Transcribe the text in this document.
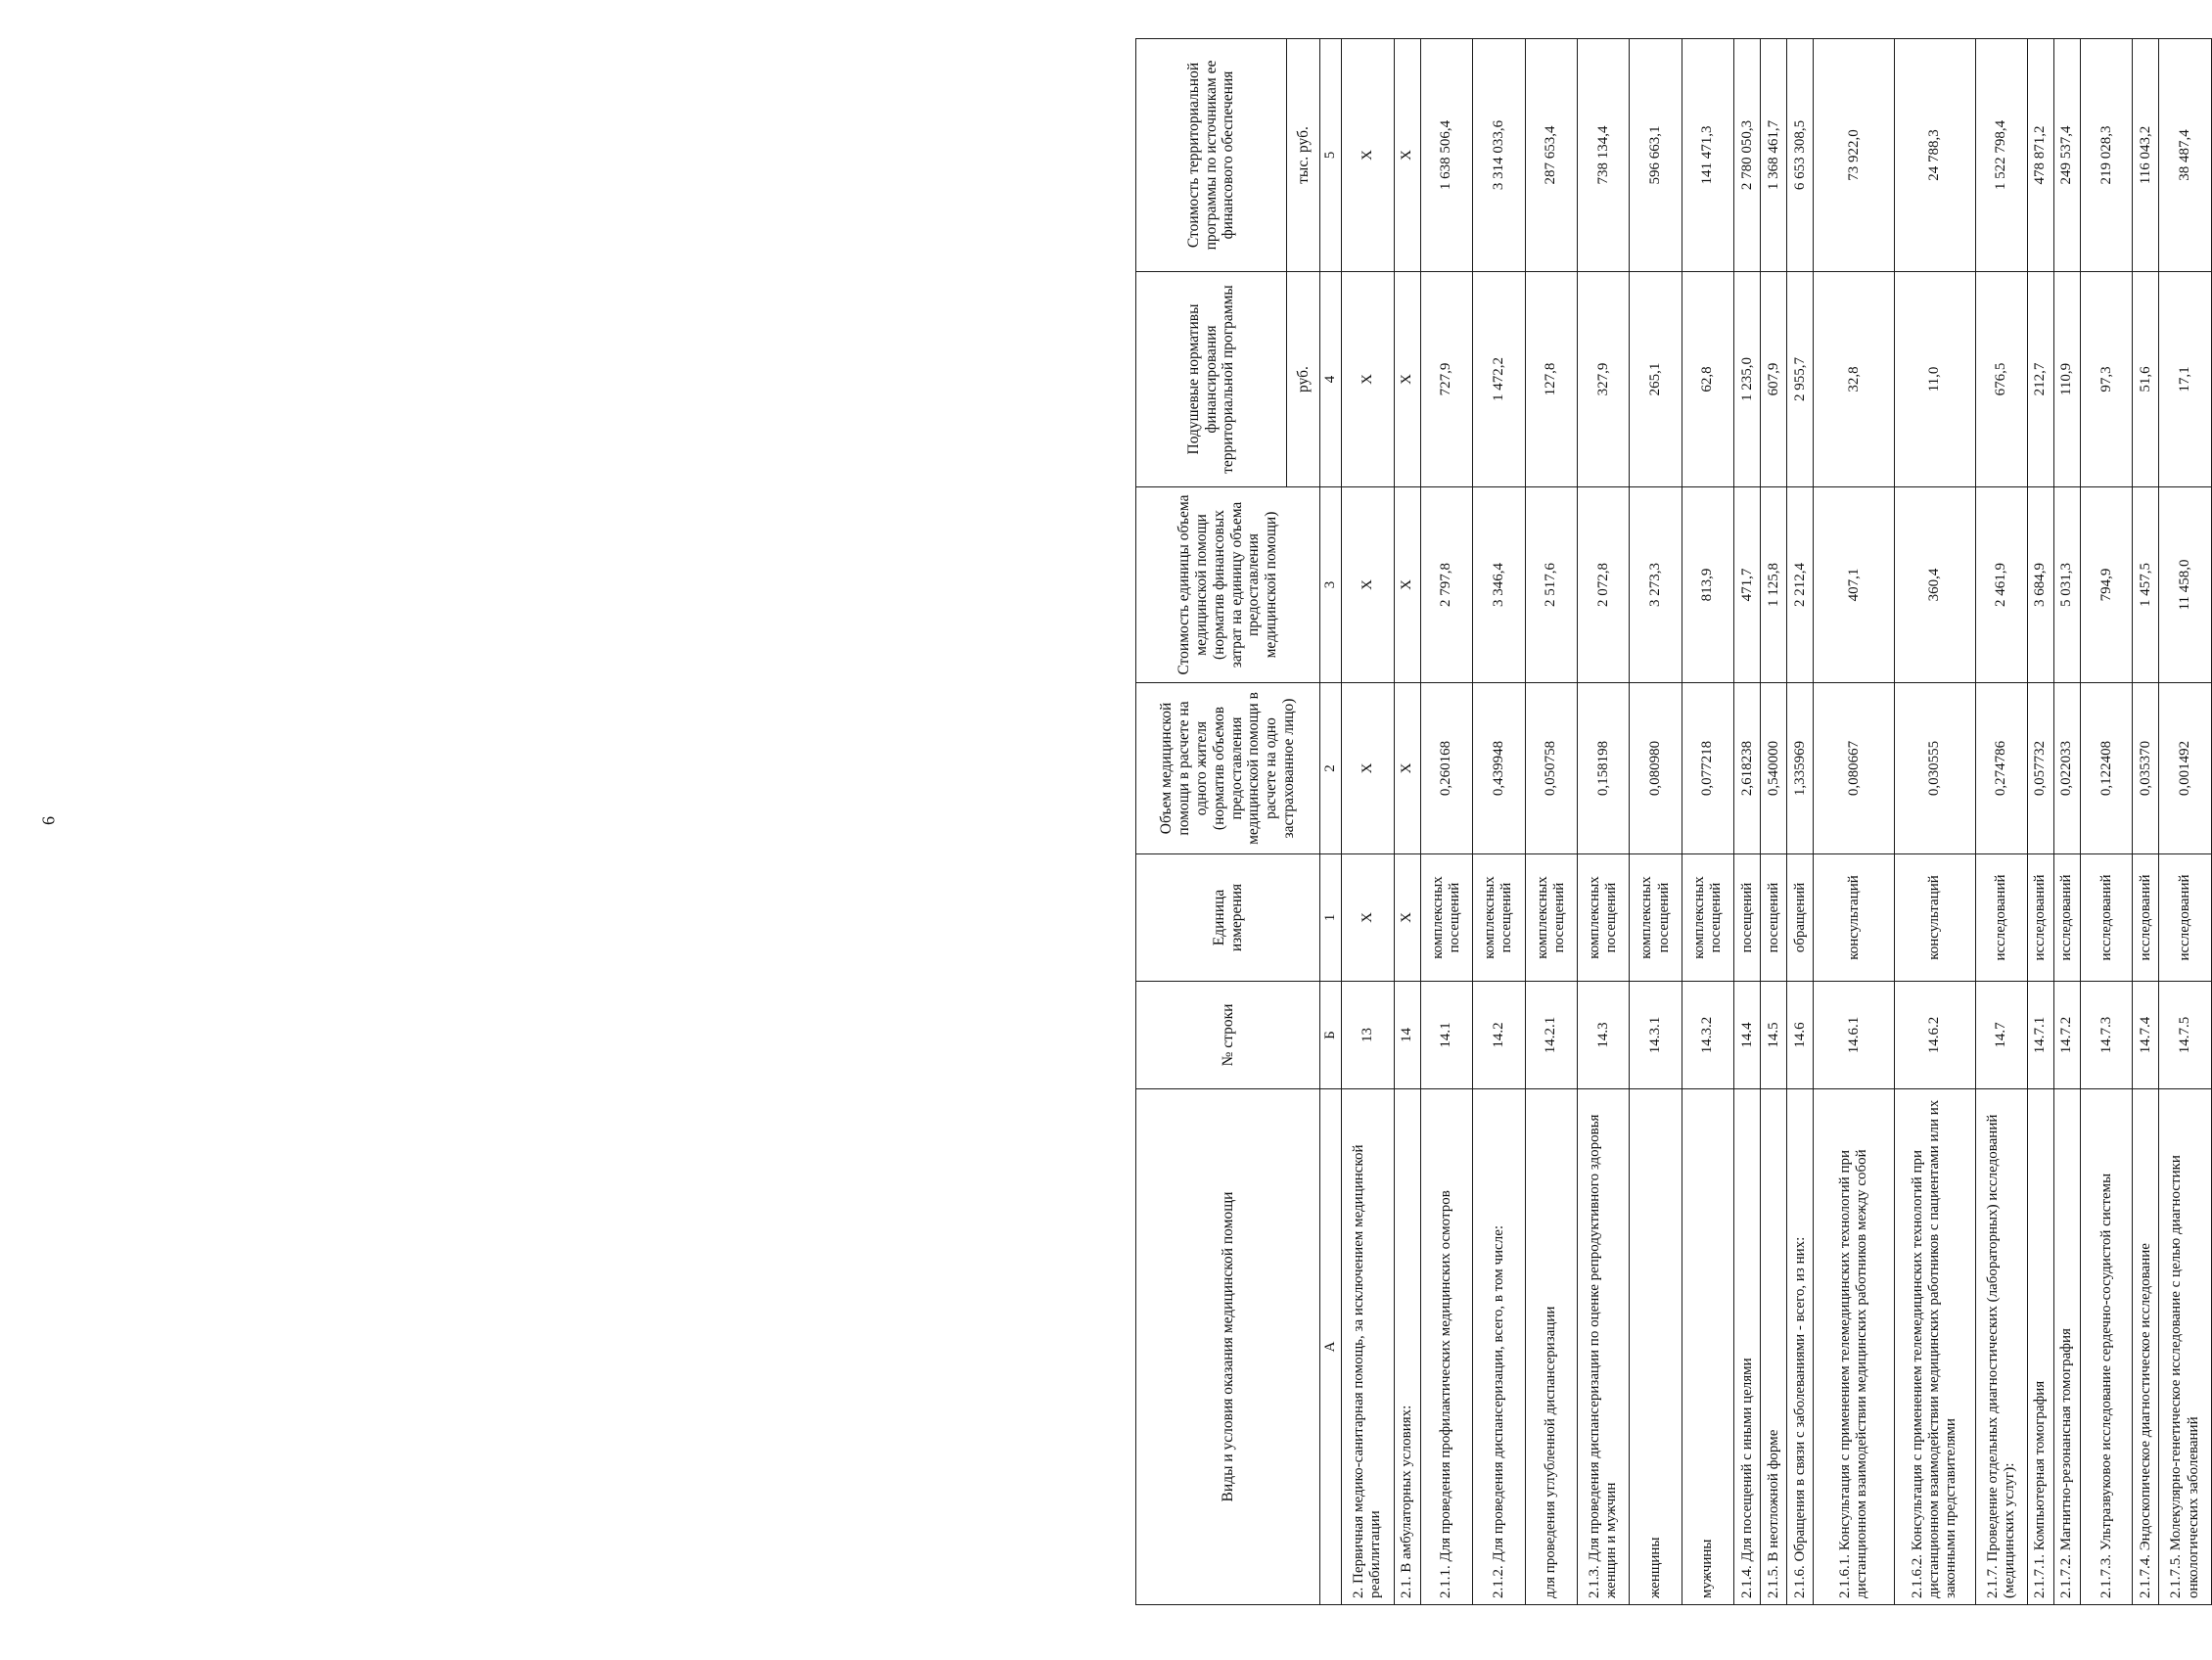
6
Виды и условия оказания медицинской помощи	№ строки	Единица измерения	Объем медицинской помощи в расчете на одного жителя (норматив объемов предоставления медицинской помощи в расчете на одно застрахованное лицо)	Стоимость единицы объема медицинской помощи (норматив финансовых затрат на единицу объема предоставления медицинской помощи)	Подушевые нормативы финансирования территориальной программы	Стоимость территориальной программы по источникам ее финансового обеспечения
					руб.	тыс. руб.
А	Б	1	2	3	4	5
2. Первичная медико-санитарная помощь, за исключением медицинской реабилитации	13	Х	Х	Х	Х	Х
2.1. В амбулаторных условиях:	14	Х	Х	Х	Х	Х
2.1.1. Для проведения профилактических медицинских осмотров	14.1	комплексных посещений	0,260168	2 797,8	727,9	1 638 506,4
2.1.2. Для проведения диспансеризации, всего, в том числе:	14.2	комплексных посещений	0,439948	3 346,4	1 472,2	3 314 033,6
для проведения углубленной диспансеризации	14.2.1	комплексных посещений	0,050758	2 517,6	127,8	287 653,4
2.1.3. Для проведения диспансеризации по оценке репродуктивного здоровья женщин и мужчин	14.3	комплексных посещений	0,158198	2 072,8	327,9	738 134,4
женщины	14.3.1	комплексных посещений	0,080980	3 273,3	265,1	596 663,1
мужчины	14.3.2	комплексных посещений	0,077218	813,9	62,8	141 471,3
2.1.4. Для посещений с иными целями	14.4	посещений	2,618238	471,7	1 235,0	2 780 050,3
2.1.5. В неотложной форме	14.5	посещений	0,540000	1 125,8	607,9	1 368 461,7
2.1.6. Обращения в связи с заболеваниями - всего, из них:	14.6	обращений	1,335969	2 212,4	2 955,7	6 653 308,5
2.1.6.1. Консультация с применением телемедицинских технологий при дистанционном взаимодействии медицинских работников между собой	14.6.1	консультаций	0,080667	407,1	32,8	73 922,0
2.1.6.2. Консультация с применением телемедицинских технологий при дистанционном взаимодействии медицинских работников с пациентами или их законными представителями	14.6.2	консультаций	0,030555	360,4	11,0	24 788,3
2.1.7. Проведение отдельных диагностических (лабораторных) исследований (медицинских услуг):	14.7	исследований	0,274786	2 461,9	676,5	1 522 798,4
2.1.7.1. Компьютерная томография	14.7.1	исследований	0,057732	3 684,9	212,7	478 871,2
2.1.7.2. Магнитно-резонансная томография	14.7.2	исследований	0,022033	5 031,3	110,9	249 537,4
2.1.7.3. Ультразвуковое исследование сердечно-сосудистой системы	14.7.3	исследований	0,122408	794,9	97,3	219 028,3
2.1.7.4. Эндоскопическое диагностическое исследование	14.7.4	исследований	0,035370	1 457,5	51,6	116 043,2
2.1.7.5. Молекулярно-генетическое исследование с целью диагностики онкологических заболеваний	14.7.5	исследований	0,001492	11 458,0	17,1	38 487,4
